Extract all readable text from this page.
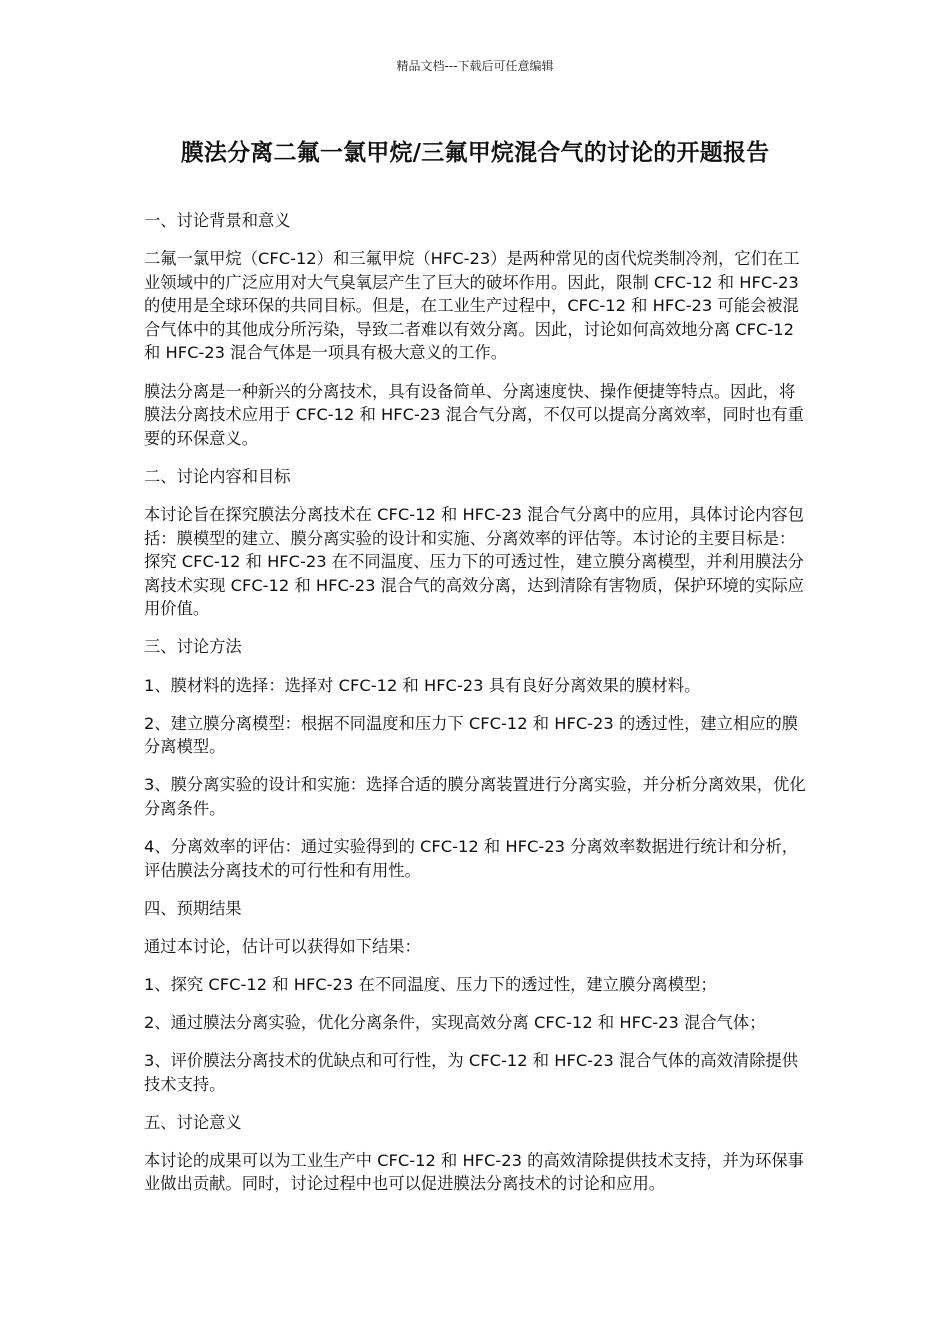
精品文档---下载后可任意编辑
膜法分离二氟一氯甲烷/三氟甲烷混合气的讨论的开题报告

一、讨论背景和意义

二氟一氯甲烷（CFC-12）和三氟甲烷（HFC-23）是两种常见的卤代烷类制冷剂，它们在工业领域中的广泛应用对大气臭氧层产生了巨大的破坏作用。因此，限制 CFC-12 和 HFC-23 的使用是全球环保的共同目标。但是，在工业生产过程中，CFC-12 和 HFC-23 可能会被混合气体中的其他成分所污染，导致二者难以有效分离。因此，讨论如何高效地分离 CFC-12 和 HFC-23 混合气体是一项具有极大意义的工作。

膜法分离是一种新兴的分离技术，具有设备简单、分离速度快、操作便捷等特点。因此，将膜法分离技术应用于 CFC-12 和 HFC-23 混合气分离，不仅可以提高分离效率，同时也有重要的环保意义。

二、讨论内容和目标

本讨论旨在探究膜法分离技术在 CFC-12 和 HFC-23 混合气分离中的应用，具体讨论内容包括：膜模型的建立、膜分离实验的设计和实施、分离效率的评估等。本讨论的主要目标是：探究 CFC-12 和 HFC-23 在不同温度、压力下的可透过性，建立膜分离模型，并利用膜法分离技术实现 CFC-12 和 HFC-23 混合气的高效分离，达到清除有害物质，保护环境的实际应用价值。

三、讨论方法

1、膜材料的选择：选择对 CFC-12 和 HFC-23 具有良好分离效果的膜材料。

2、建立膜分离模型：根据不同温度和压力下 CFC-12 和 HFC-23 的透过性，建立相应的膜分离模型。

3、膜分离实验的设计和实施：选择合适的膜分离装置进行分离实验，并分析分离效果，优化分离条件。

4、分离效率的评估：通过实验得到的 CFC-12 和 HFC-23 分离效率数据进行统计和分析，评估膜法分离技术的可行性和有用性。

四、预期结果

通过本讨论，估计可以获得如下结果：

1、探究 CFC-12 和 HFC-23 在不同温度、压力下的透过性，建立膜分离模型；

2、通过膜法分离实验，优化分离条件，实现高效分离 CFC-12 和 HFC-23 混合气体；

3、评价膜法分离技术的优缺点和可行性，为 CFC-12 和 HFC-23 混合气体的高效清除提供技术支持。

五、讨论意义

本讨论的成果可以为工业生产中 CFC-12 和 HFC-23 的高效清除提供技术支持，并为环保事业做出贡献。同时，讨论过程中也可以促进膜法分离技术的讨论和应用。
